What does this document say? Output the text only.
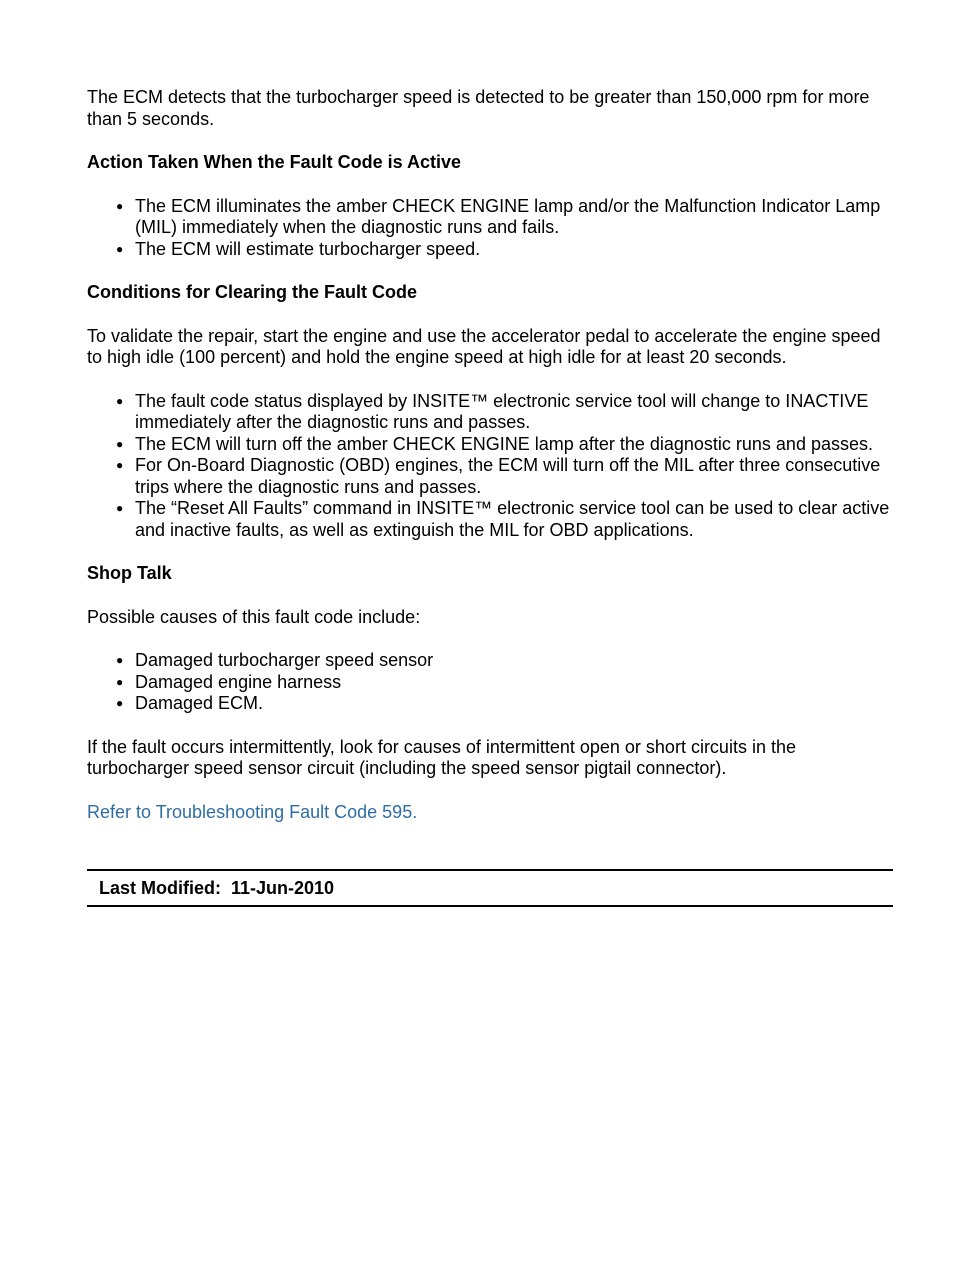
The ECM detects that the turbocharger speed is detected to be greater than 150,000 rpm for more than 5 seconds.

Action Taken When the Fault Code is Active
● The ECM illuminates the amber CHECK ENGINE lamp and/or the Malfunction Indicator Lamp (MIL) immediately when the diagnostic runs and fails.
● The ECM will estimate turbocharger speed.
Conditions for Clearing the Fault Code

To validate the repair, start the engine and use the accelerator pedal to accelerate the engine speed to high idle (100 percent) and hold the engine speed at high idle for at least 20 seconds.

● The fault code status displayed by INSITE™ electronic service tool will change to INACTIVE immediately after the diagnostic runs and passes.
● The ECM will turn off the amber CHECK ENGINE lamp after the diagnostic runs and passes.
● For On-Board Diagnostic (OBD) engines, the ECM will turn off the MIL after three consecutive trips where the diagnostic runs and passes.
● The “Reset All Faults” command in INSITE™ electronic service tool can be used to clear active and inactive faults, as well as extinguish the MIL for OBD applications.
Shop Talk

Possible causes of this fault code include:

● Damaged turbocharger speed sensor
● Damaged engine harness
● Damaged ECM.

If the fault occurs intermittently, look for causes of intermittent open or short circuits in the turbocharger speed sensor circuit (including the speed sensor pigtail connector).

Refer to Troubleshooting Fault Code 595.

Last Modified:  11-Jun-2010
